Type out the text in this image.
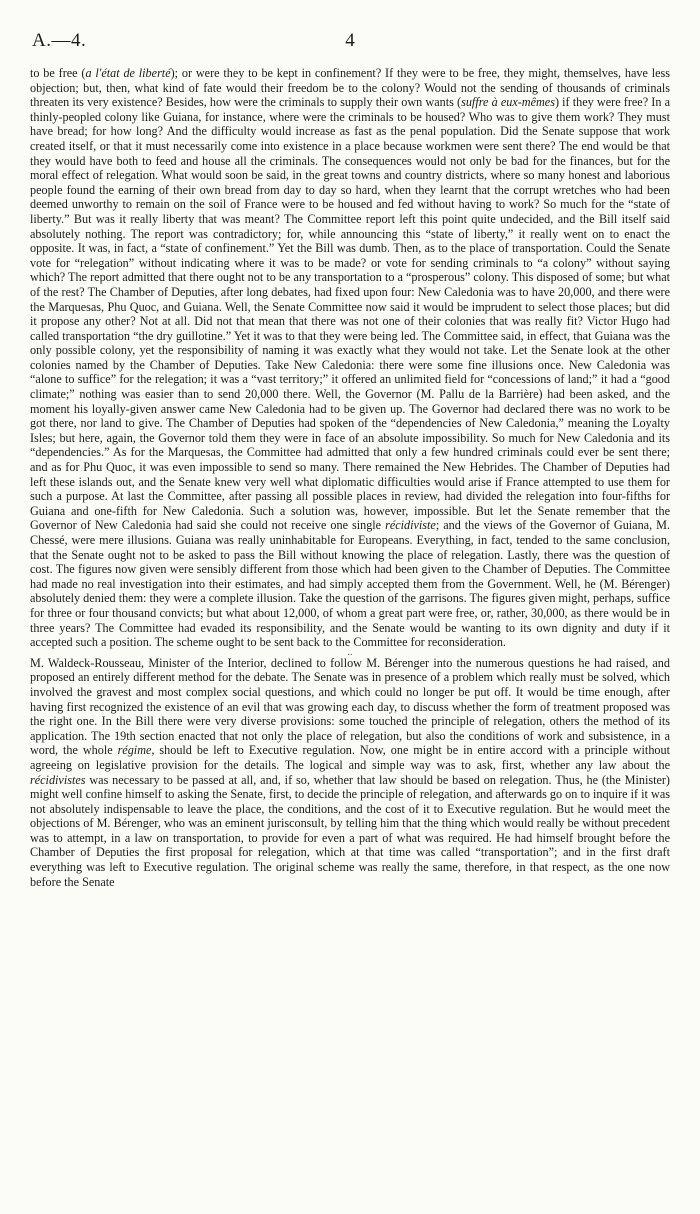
A.—4.	4

to be free (a l'état de liberté); or were they to be kept in confinement? If they were to be free, they might, themselves, have less objection; but, then, what kind of fate would their freedom be to the colony? Would not the sending of thousands of criminals threaten its very existence? Besides, how were the criminals to supply their own wants (suffre à eux-mêmes) if they were free? In a thinly-peopled colony like Guiana, for instance, where were the criminals to be housed? Who was to give them work? They must have bread; for how long? And the difficulty would increase as fast as the penal population. Did the Senate suppose that work created itself, or that it must necessarily come into existence in a place because workmen were sent there? The end would be that they would have both to feed and house all the criminals. The consequences would not only be bad for the finances, but for the moral effect of relegation. What would soon be said, in the great towns and country districts, where so many honest and laborious people found the earning of their own bread from day to day so hard, when they learnt that the corrupt wretches who had been deemed unworthy to remain on the soil of France were to be housed and fed without having to work? So much for the “state of liberty.” But was it really liberty that was meant? The Committee report left this point quite undecided, and the Bill itself said absolutely nothing. The report was contradictory; for, while announcing this “state of liberty,” it really went on to enact the opposite. It was, in fact, a “state of confinement.” Yet the Bill was dumb. Then, as to the place of transportation. Could the Senate vote for “relegation” without indicating where it was to be made? or vote for sending criminals to “a colony” without saying which? The report admitted that there ought not to be any transportation to a “prosperous” colony. This disposed of some; but what of the rest? The Chamber of Deputies, after long debates, had fixed upon four: New Caledonia was to have 20,000, and there were the Marquesas, Phu Quoc, and Guiana. Well, the Senate Committee now said it would be imprudent to select those places; but did it propose any other? Not at all. Did not that mean that there was not one of their colonies that was really fit? Victor Hugo had called transportation “the dry guillotine.” Yet it was to that they were being led. The Committee said, in effect, that Guiana was the only possible colony, yet the responsibility of naming it was exactly what they would not take. Let the Senate look at the other colonies named by the Chamber of Deputies. Take New Caledonia: there were some fine illusions once. New Caledonia was “alone to suffice” for the relegation; it was a “vast territory;” it offered an unlimited field for “concessions of land;” it had a “good climate;” nothing was easier than to send 20,000 there. Well, the Governor (M. Pallu de la Barrière) had been asked, and the moment his loyally-given answer came New Caledonia had to be given up. The Governor had declared there was no work to be got there, nor land to give. The Chamber of Deputies had spoken of the “dependencies of New Caledonia,” meaning the Loyalty Isles; but here, again, the Governor told them they were in face of an absolute impossibility. So much for New Caledonia and its “dependencies.” As for the Marquesas, the Committee had admitted that only a few hundred criminals could ever be sent there; and as for Phu Quoc, it was even impossible to send so many. There remained the New Hebrides. The Chamber of Deputies had left these islands out, and the Senate knew very well what diplomatic difficulties would arise if France attempted to use them for such a purpose. At last the Committee, after passing all possible places in review, had divided the relegation into four-fifths for Guiana and one-fifth for New Caledonia. Such a solution was, however, impossible. But let the Senate remember that the Governor of New Caledonia had said she could not receive one single récidiviste; and the views of the Governor of Guiana, M. Chessé, were mere illusions. Guiana was really uninhabitable for Europeans. Everything, in fact, tended to the same conclusion, that the Senate ought not to be asked to pass the Bill without knowing the place of relegation. Lastly, there was the question of cost. The figures now given were sensibly different from those which had been given to the Chamber of Deputies. The Committee had made no real investigation into their estimates, and had simply accepted them from the Government. Well, he (M. Bérenger) absolutely denied them: they were a complete illusion. Take the question of the garrisons. The figures given might, perhaps, suffice for three or four thousand convicts; but what about 12,000, of whom a great part were free, or, rather, 30,000, as there would be in three years? The Committee had evaded its responsibility, and the Senate would be wanting to its own dignity and duty if it accepted such a position. The scheme ought to be sent back to the Committee for reconsideration.

..

M. Waldeck-Rousseau, Minister of the Interior, declined to follow M. Bérenger into the numerous questions he had raised, and proposed an entirely different method for the debate. The Senate was in presence of a problem which really must be solved, which involved the gravest and most complex social questions, and which could no longer be put off. It would be time enough, after having first recognized the existence of an evil that was growing each day, to discuss whether the form of treatment proposed was the right one. In the Bill there were very diverse provisions: some touched the principle of relegation, others the method of its application. The 19th section enacted that not only the place of relegation, but also the conditions of work and subsistence, in a word, the whole régime, should be left to Executive regulation. Now, one might be in entire accord with a principle without agreeing on legislative provision for the details. The logical and simple way was to ask, first, whether any law about the récidivistes was necessary to be passed at all, and, if so, whether that law should be based on relegation. Thus, he (the Minister) might well confine himself to asking the Senate, first, to decide the principle of relegation, and afterwards go on to inquire if it was not absolutely indispensable to leave the place, the conditions, and the cost of it to Executive regulation. But he would meet the objections of M. Bérenger, who was an eminent jurisconsult, by telling him that the thing which would really be without precedent was to attempt, in a law on transportation, to provide for even a part of what was required. He had himself brought before the Chamber of Deputies the first proposal for relegation, which at that time was called “transportation”; and in the first draft everything was left to Executive regulation. The original scheme was really the same, therefore, in that respect, as the one now before the Senate
